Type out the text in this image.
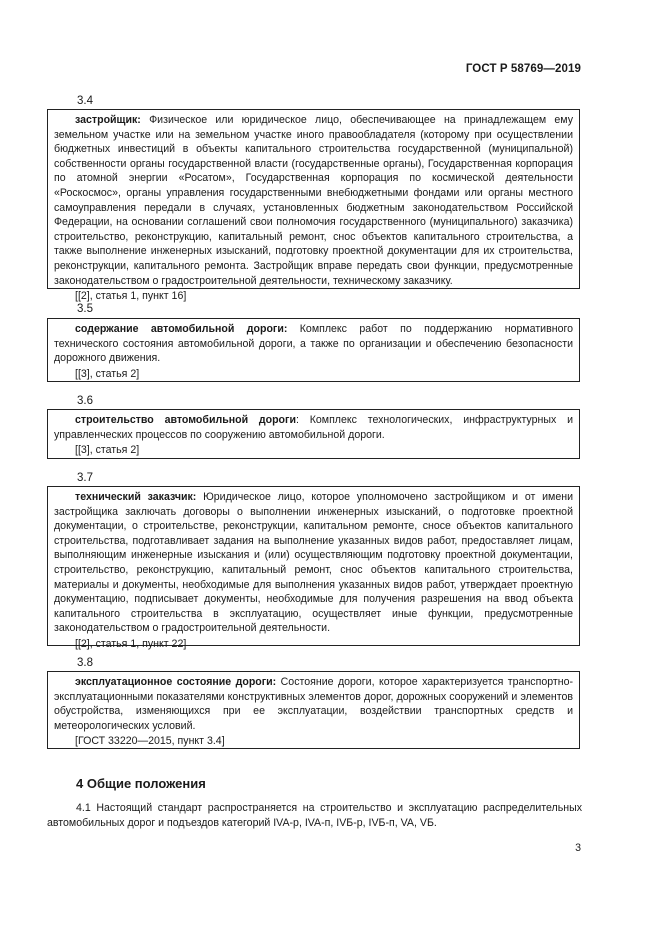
ГОСТ Р 58769—2019
3.4

застройщик: Физическое или юридическое лицо, обеспечивающее на принадлежащем ему земельном участке или на земельном участке иного правообладателя (которому при осуществлении бюджетных инвестиций в объекты капитального строительства государственной (муниципальной) собственности органы государственной власти (государственные органы), Государственная корпорация по атомной энергии «Росатом», Государственная корпорация по космической деятельности «Роскосмос», органы управления государственными внебюджетными фондами или органы местного самоуправления передали в случаях, установленных бюджетным законодательством Российской Федерации, на основании соглашений свои полномочия государственного (муниципального) заказчика) строительство, реконструкцию, капитальный ремонт, снос объектов капитального строительства, а также выполнение инженерных изысканий, подготовку проектной документации для их строительства, реконструкции, капитального ремонта. Застройщик вправе передать свои функции, предусмотренные законодательством о градостроительной деятельности, техническому заказчику.

[[2], статья 1, пункт 16]

3.5

содержание автомобильной дороги: Комплекс работ по поддержанию нормативного технического состояния автомобильной дороги, а также по организации и обеспечению безопасности дорожного движения.

[[3], статья 2]

3.6

строительство автомобильной дороги: Комплекс технологических, инфраструктурных и управленческих процессов по сооружению автомобильной дороги.

[[3], статья 2]

3.7

технический заказчик: Юридическое лицо, которое уполномочено застройщиком и от имени застройщика заключать договоры о выполнении инженерных изысканий, о подготовке проектной документации, о строительстве, реконструкции, капитальном ремонте, сносе объектов капитального строительства, подготавливает задания на выполнение указанных видов работ, предоставляет лицам, выполняющим инженерные изыскания и (или) осуществляющим подготовку проектной документации, строительство, реконструкцию, капитальный ремонт, снос объектов капитального строительства, материалы и документы, необходимые для выполнения указанных видов работ, утверждает проектную документацию, подписывает документы, необходимые для получения разрешения на ввод объекта капитального строительства в эксплуатацию, осуществляет иные функции, предусмотренные законодательством о градостроительной деятельности.

[[2], статья 1, пункт 22]

3.8

эксплуатационное состояние дороги: Состояние дороги, которое характеризуется транспортно-эксплуатационными показателями конструктивных элементов дорог, дорожных сооружений и элементов обустройства, изменяющихся при ее эксплуатации, воздействии транспортных средств и метеорологических условий.

[ГОСТ 33220—2015, пункт 3.4]

4 Общие положения

4.1 Настоящий стандарт распространяется на строительство и эксплуатацию распределительных автомобильных дорог и подъездов категорий IVA-р, IVA-п, IVБ-р, IVБ-п, VA, VБ.

3
